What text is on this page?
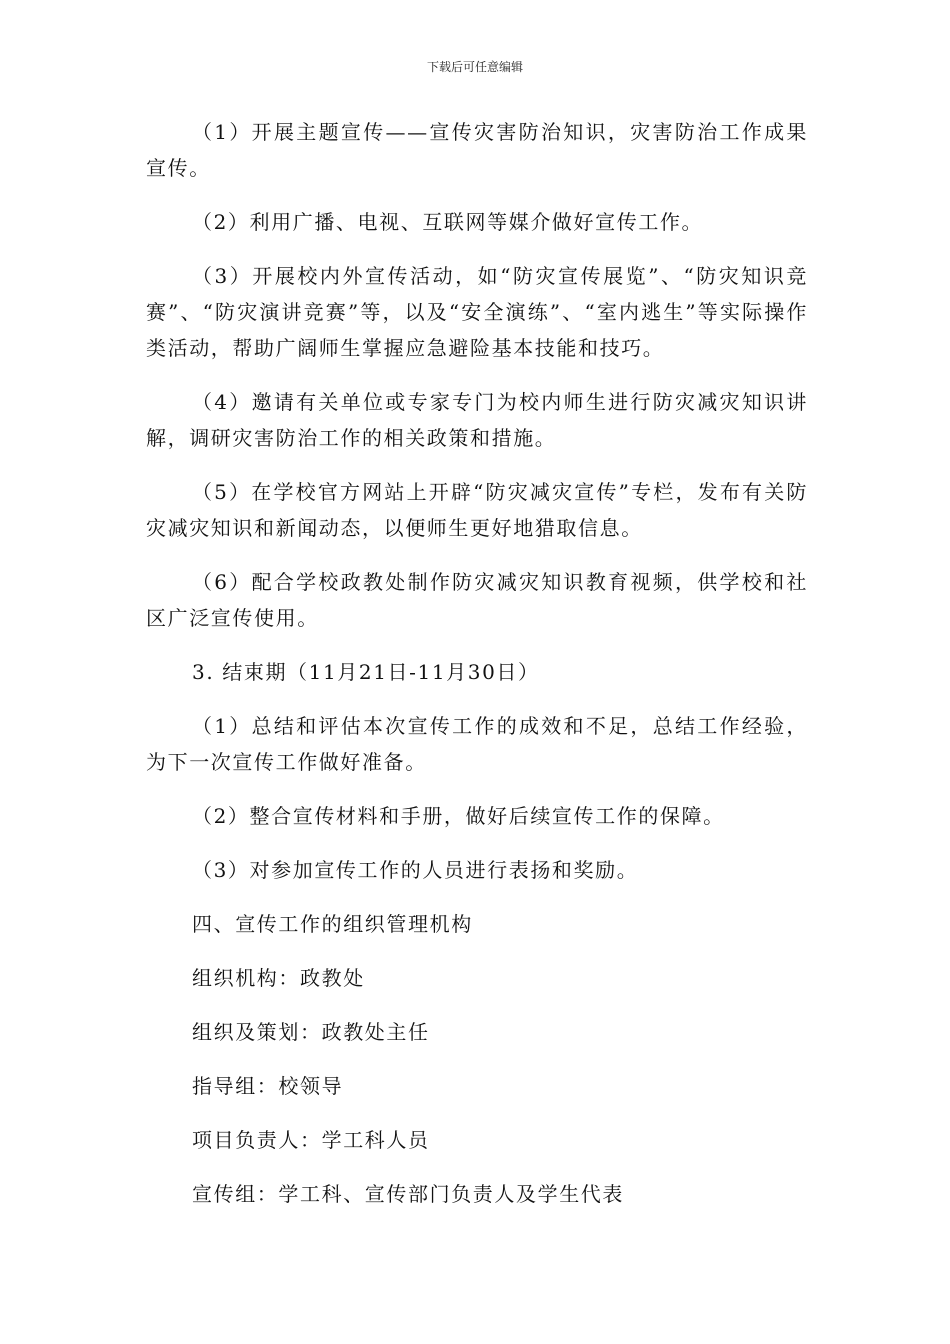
下载后可任意编辑

（1）开展主题宣传——宣传灾害防治知识，灾害防治工作成果宣传。

（2）利用广播、电视、互联网等媒介做好宣传工作。

（3）开展校内外宣传活动，如“防灾宣传展览”、“防灾知识竞赛”、“防灾演讲竞赛”等，以及“安全演练”、“室内逃生”等实际操作类活动，帮助广阔师生掌握应急避险基本技能和技巧。

（4）邀请有关单位或专家专门为校内师生进行防灾减灾知识讲解，调研灾害防治工作的相关政策和措施。

（5）在学校官方网站上开辟“防灾减灾宣传”专栏，发布有关防灾减灾知识和新闻动态，以便师生更好地猎取信息。

（6）配合学校政教处制作防灾减灾知识教育视频，供学校和社区广泛宣传使用。

3. 结束期（11月21日-11月30日）

（1）总结和评估本次宣传工作的成效和不足，总结工作经验，为下一次宣传工作做好准备。

（2）整合宣传材料和手册，做好后续宣传工作的保障。

（3）对参加宣传工作的人员进行表扬和奖励。

四、宣传工作的组织管理机构

组织机构：政教处

组织及策划：政教处主任

指导组：校领导

项目负责人：学工科人员

宣传组：学工科、宣传部门负责人及学生代表
